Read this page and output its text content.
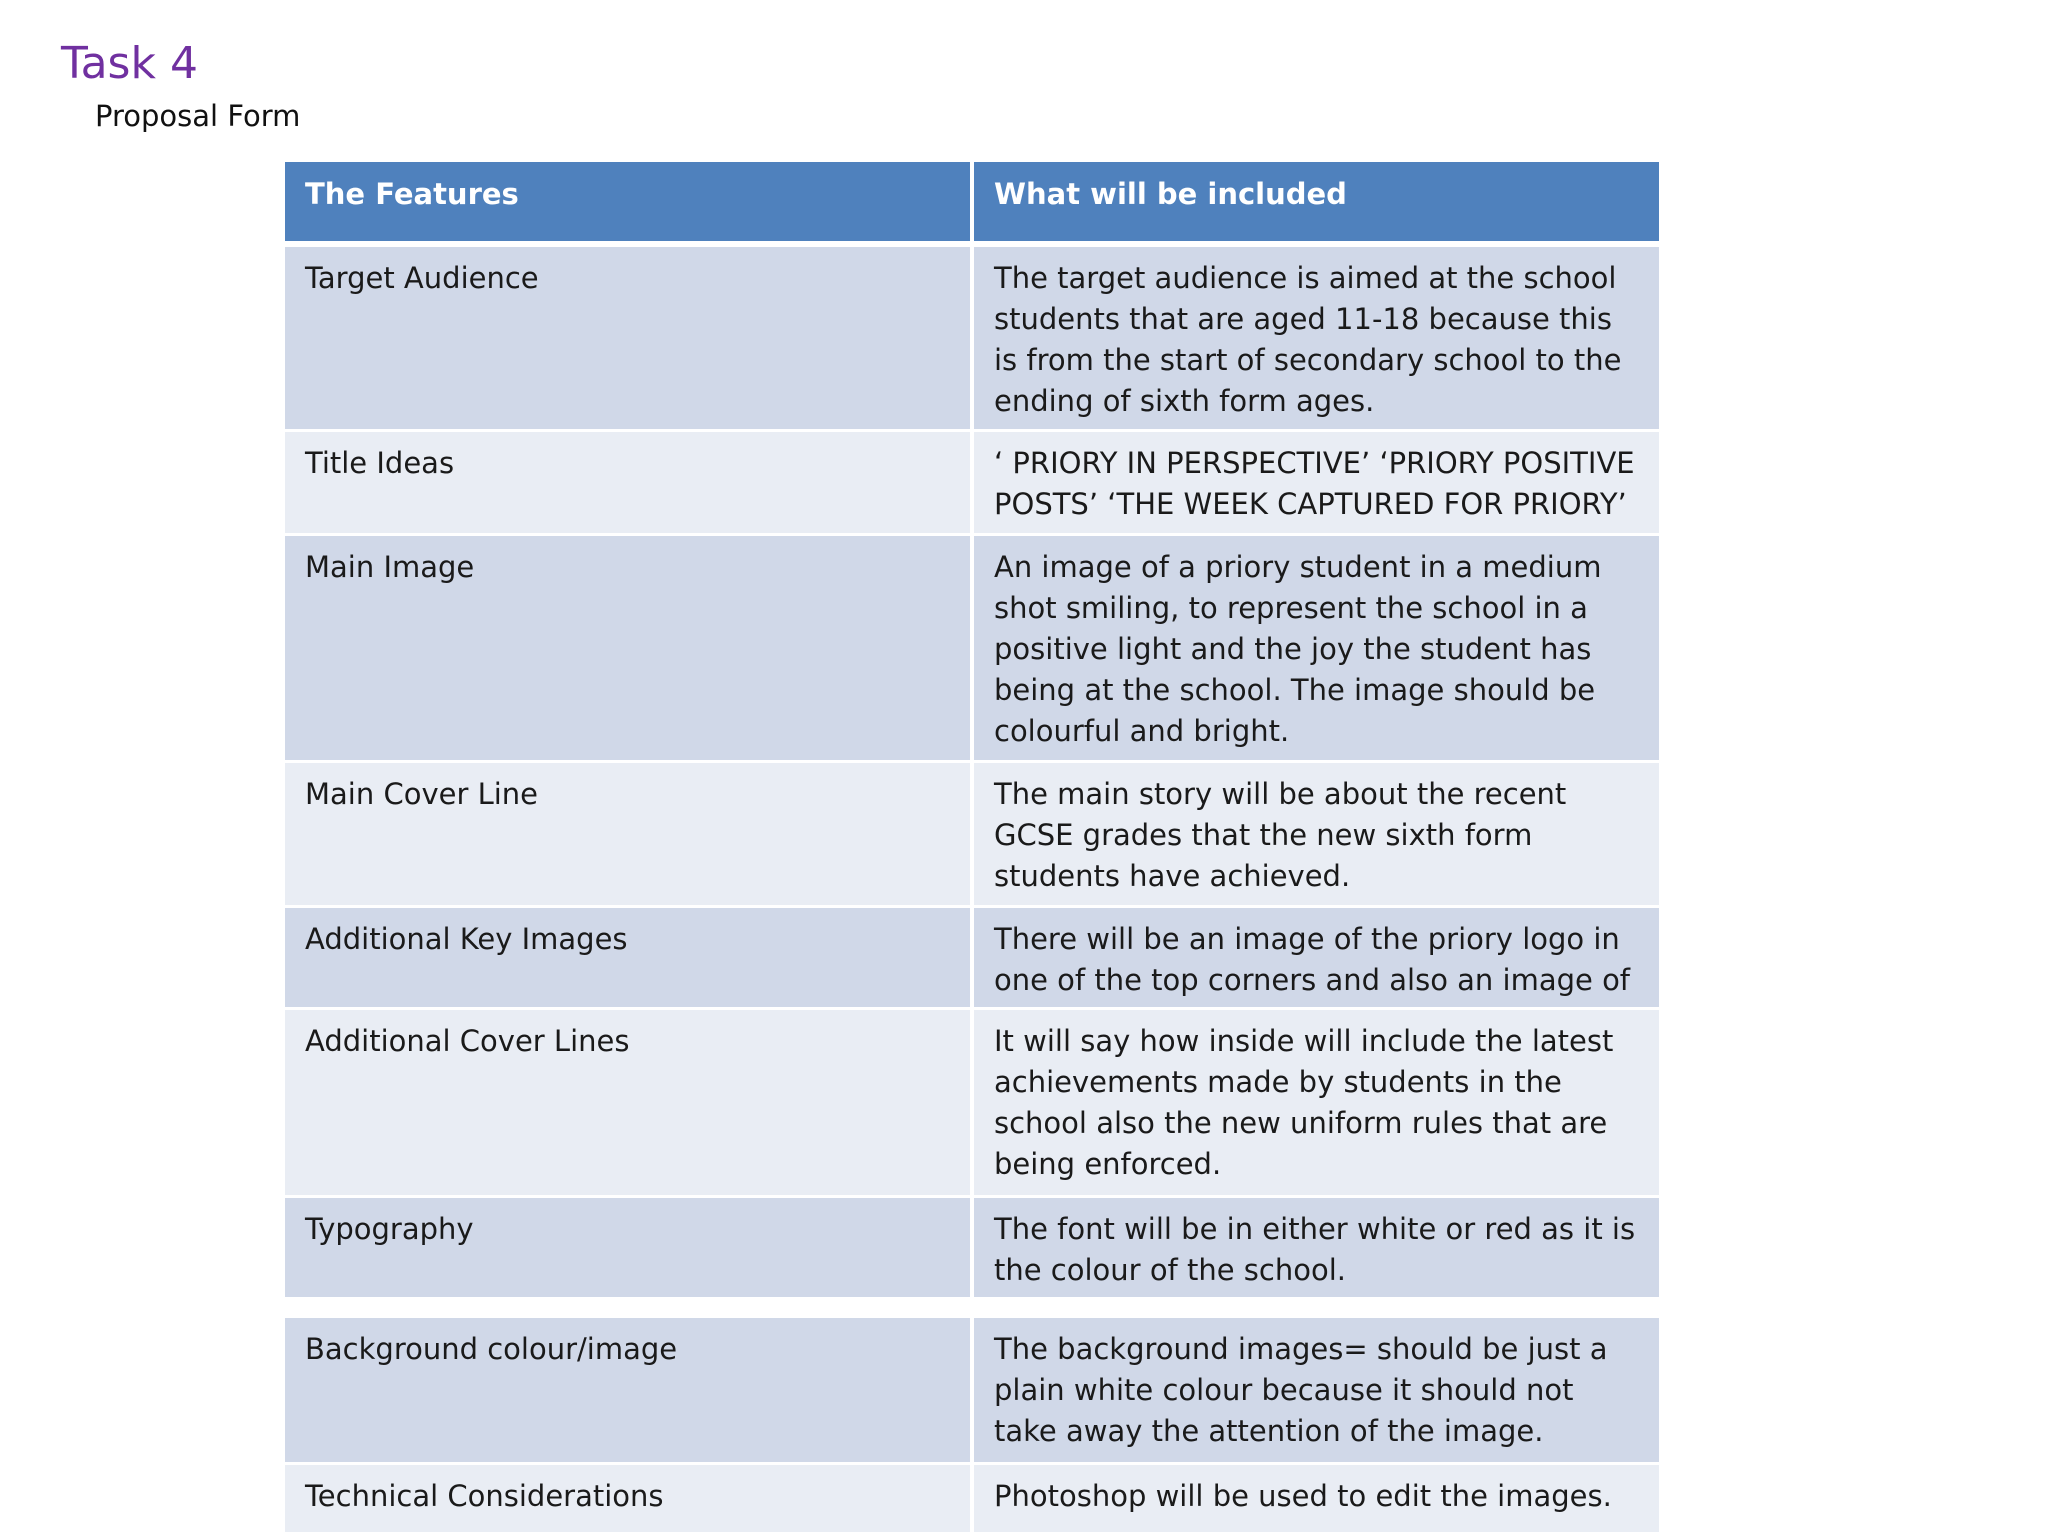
Task 4
Proposal Form
The Features	What will be included
Target Audience	The target audience is aimed at the school students that are aged 11-18 because this is from the start of secondary school to the ending of sixth form ages.
Title Ideas	‘ PRIORY IN PERSPECTIVE’ ‘PRIORY POSITIVE POSTS’ ‘THE WEEK CAPTURED FOR PRIORY’
Main Image	An image of a priory student in a medium shot smiling, to represent the school in a positive light and the joy the student has being at the school. The image should be colourful and bright.
Main Cover Line	The main story will be about the recent GCSE grades that the new sixth form students have achieved.
Additional Key Images	There will be an image of the priory logo in one of the top corners and also an image of
Additional Cover Lines	It will say how inside will include the latest achievements made by students in the school also the new uniform rules that are being enforced.
Typography	The font will be in either white or red as it is the colour of the school.

Background colour/image	The background images= should be just a plain white colour because it should not take away the attention of the image.
Technical Considerations	Photoshop will be used to edit the images.
